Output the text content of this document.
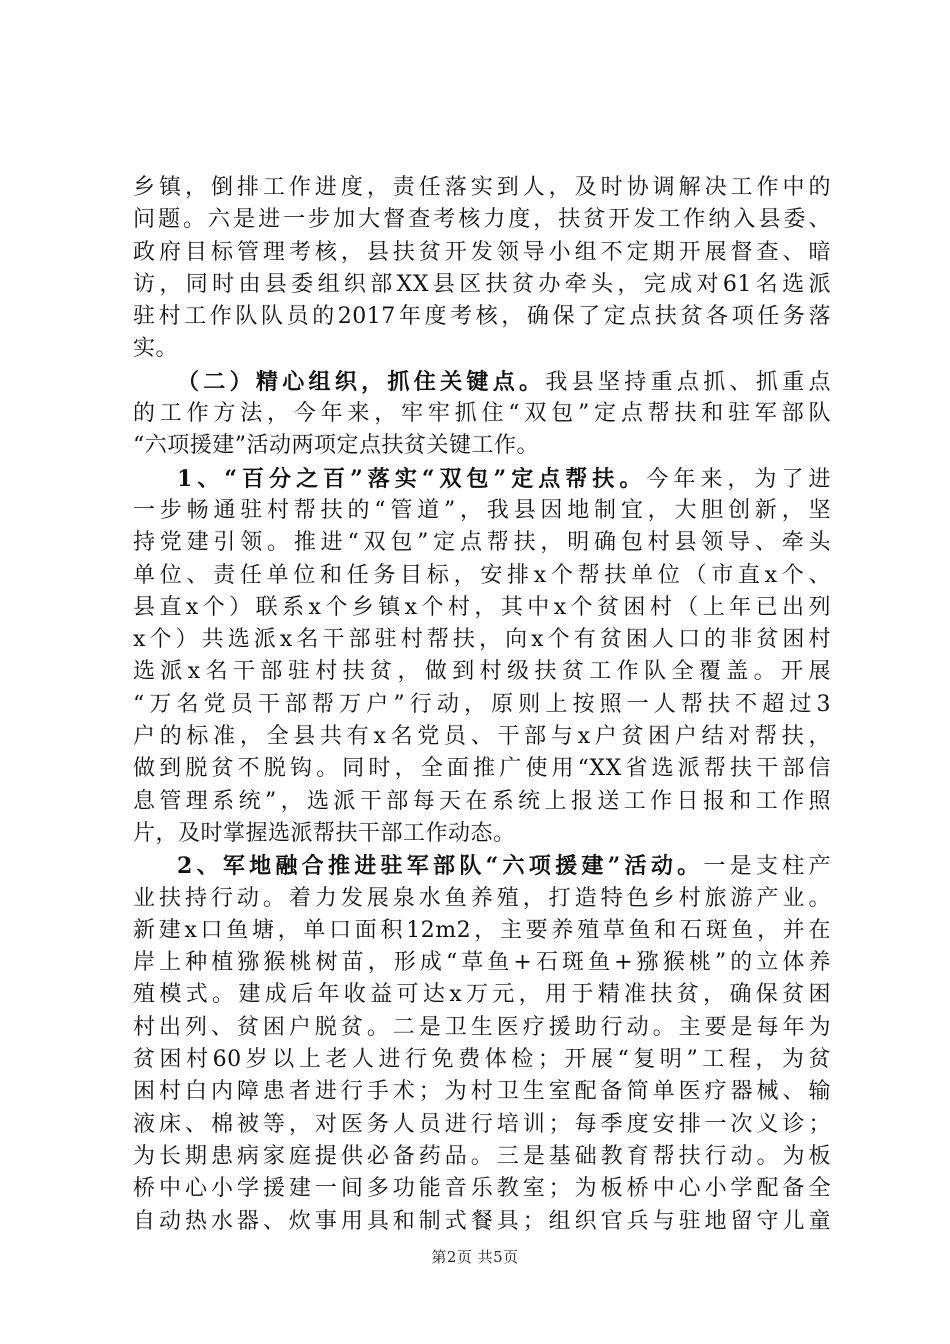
乡镇，倒排工作进度，责任落实到人，及时协调解决工作中的
问题。六是进一步加大督查考核力度，扶贫开发工作纳入县委、
政府目标管理考核，县扶贫开发领导小组不定期开展督查、暗
访，同时由县委组织部XX县区扶贫办牵头，完成对61名选派
驻村工作队队员的2017年度考核，确保了定点扶贫各项任务落
实。
（二）精心组织，抓住关键点。我县坚持重点抓、抓重点
的工作方法，今年来，牢牢抓住“双包”定点帮扶和驻军部队
“六项援建”活动两项定点扶贫关键工作。
1、“百分之百”落实“双包”定点帮扶。今年来，为了进
一步畅通驻村帮扶的“管道”，我县因地制宜，大胆创新，坚
持党建引领。推进“双包”定点帮扶，明确包村县领导、牵头
单位、责任单位和任务目标，安排x个帮扶单位（市直x个、
县直x个）联系x个乡镇x个村，其中x个贫困村（上年已出列
x个）共选派x名干部驻村帮扶，向x个有贫困人口的非贫困村
选派x名干部驻村扶贫，做到村级扶贫工作队全覆盖。开展
“万名党员干部帮万户”行动，原则上按照一人帮扶不超过3
户的标准，全县共有x名党员、干部与x户贫困户结对帮扶，
做到脱贫不脱钩。同时，全面推广使用“XX省选派帮扶干部信
息管理系统”，选派干部每天在系统上报送工作日报和工作照
片，及时掌握选派帮扶干部工作动态。
2、军地融合推进驻军部队“六项援建”活动。一是支柱产
业扶持行动。着力发展泉水鱼养殖，打造特色乡村旅游产业。
新建x口鱼塘，单口面积12m2，主要养殖草鱼和石斑鱼，并在
岸上种植猕猴桃树苗，形成“草鱼+石斑鱼+猕猴桃”的立体养
殖模式。建成后年收益可达x万元，用于精准扶贫，确保贫困
村出列、贫困户脱贫。二是卫生医疗援助行动。主要是每年为
贫困村60岁以上老人进行免费体检；开展“复明”工程，为贫
困村白内障患者进行手术；为村卫生室配备简单医疗器械、输
液床、棉被等，对医务人员进行培训；每季度安排一次义诊；
为长期患病家庭提供必备药品。三是基础教育帮扶行动。为板
桥中心小学援建一间多功能音乐教室；为板桥中心小学配备全
自动热水器、炊事用具和制式餐具；组织官兵与驻地留守儿童
第2页 共5页
